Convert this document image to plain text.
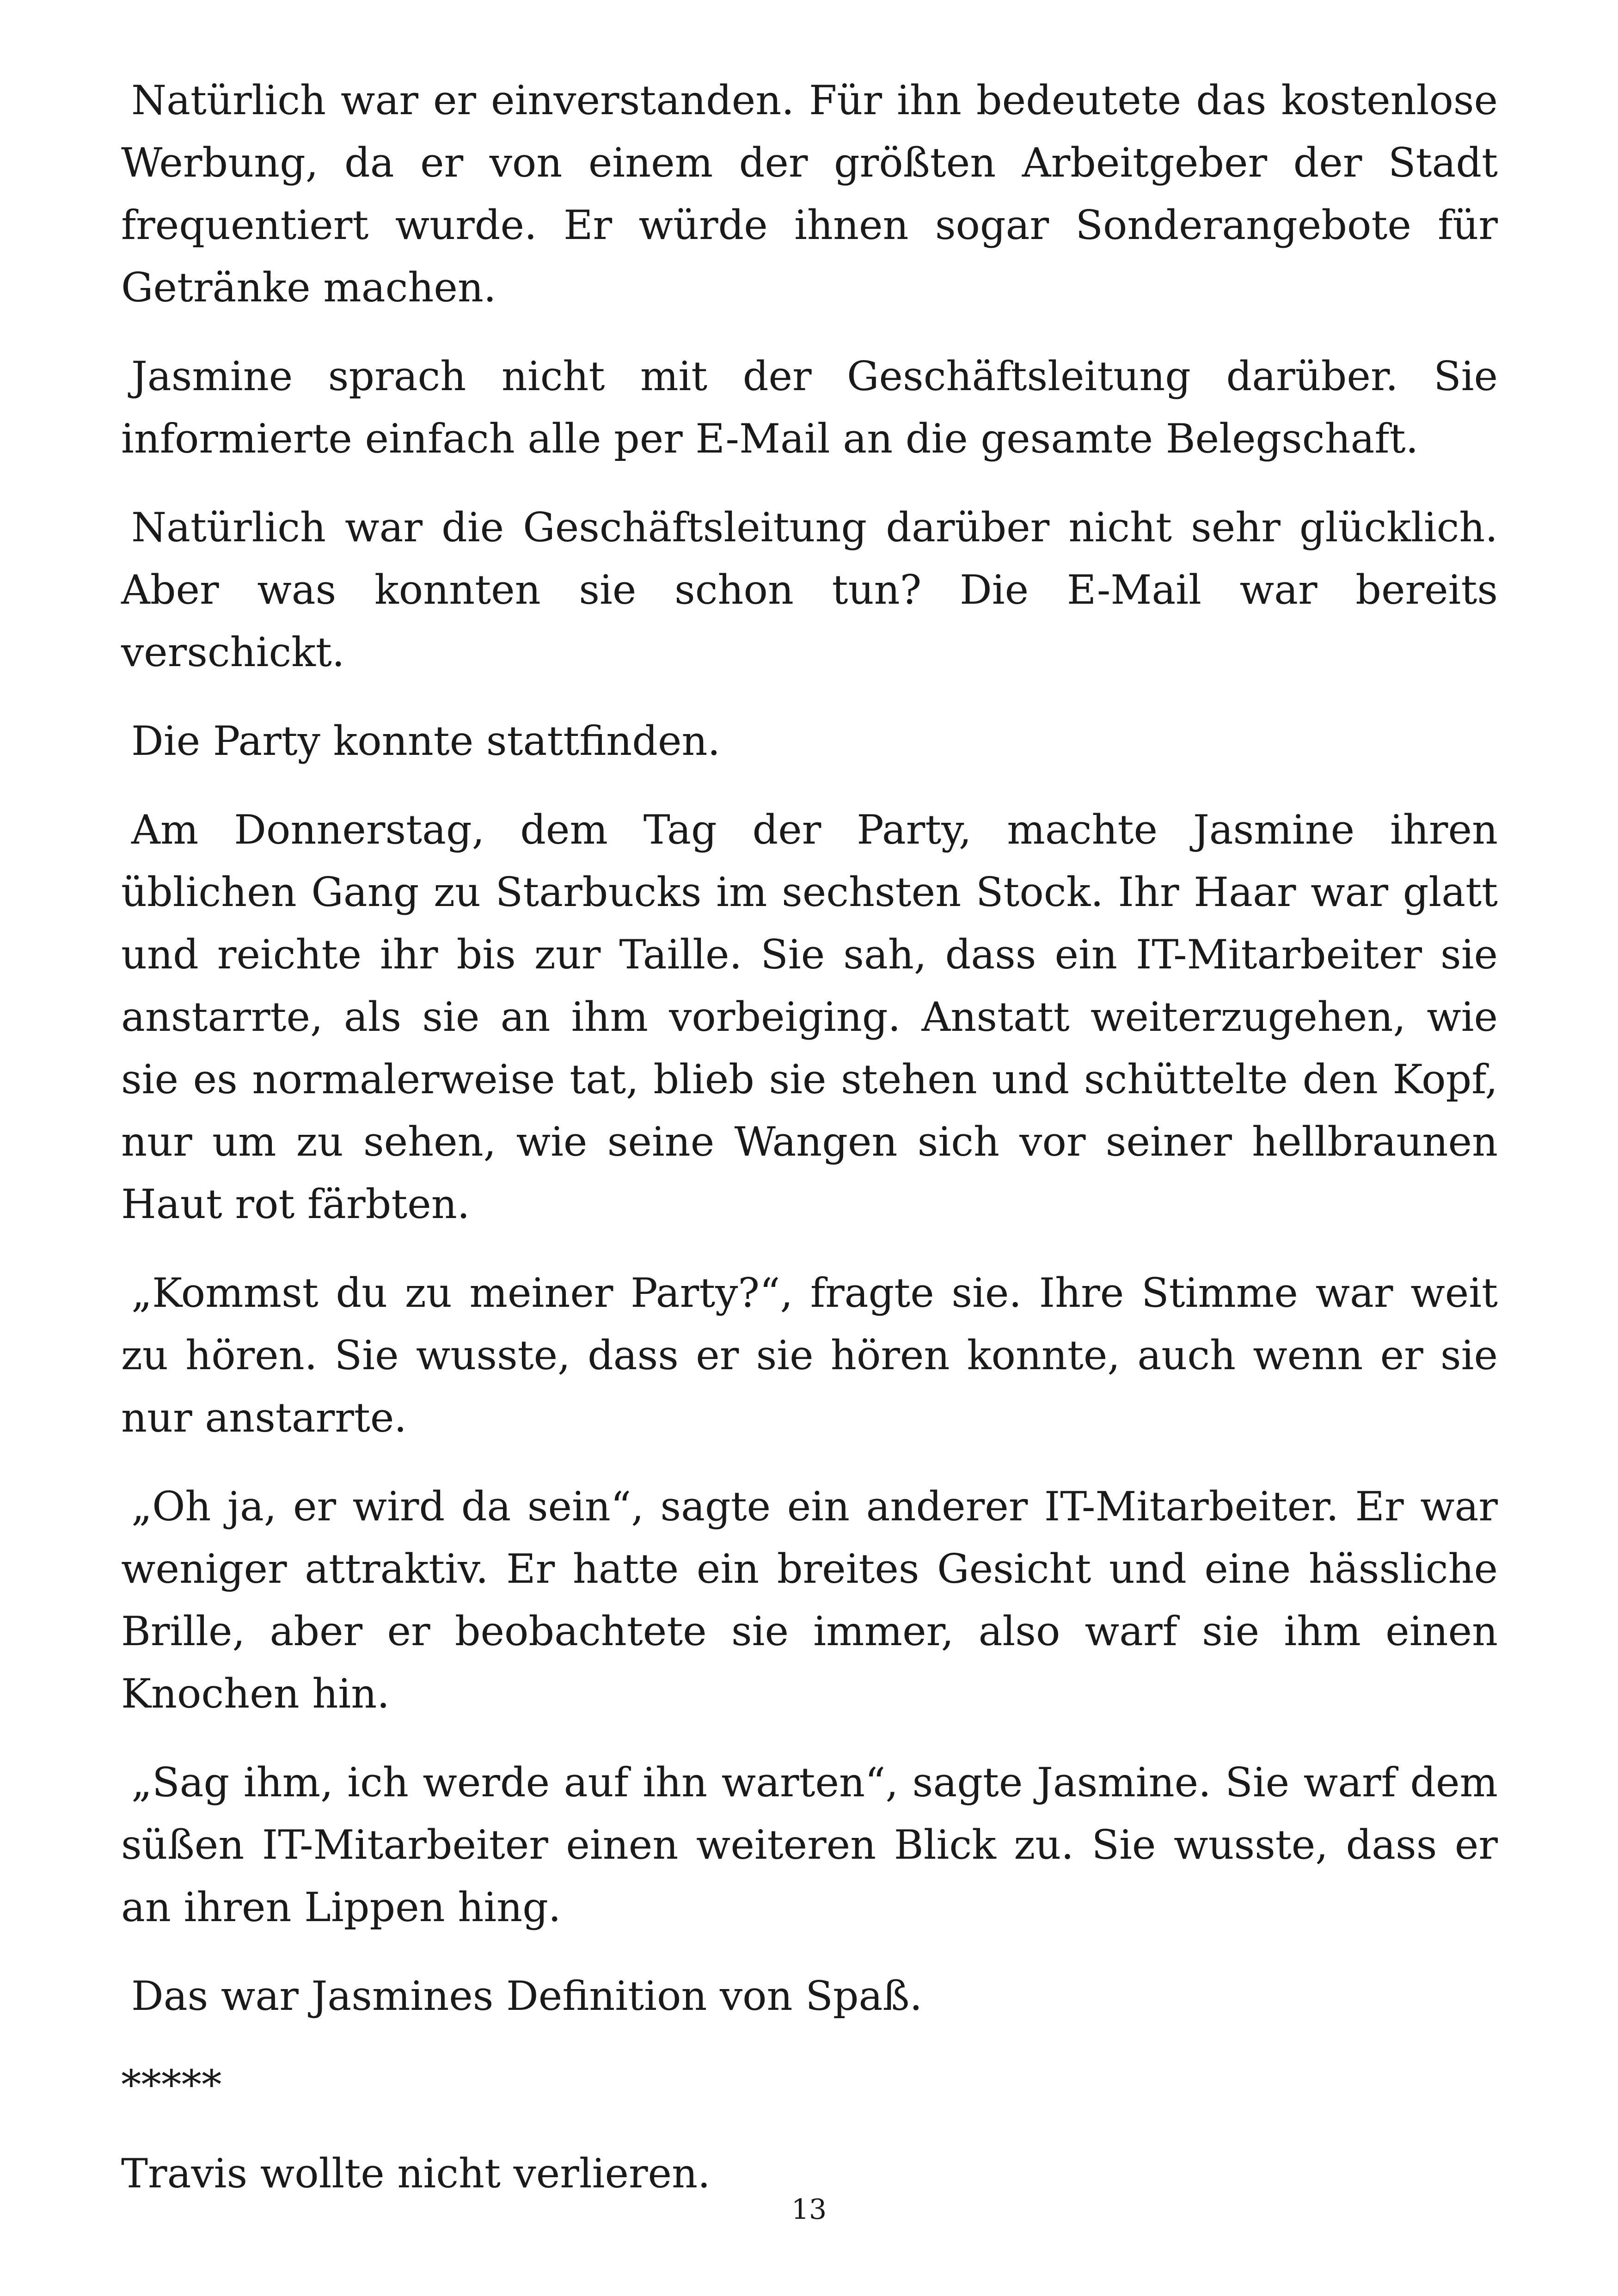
Natürlich war er einverstanden. Für ihn bedeutete das kostenlose Werbung, da er von einem der größten Arbeitgeber der Stadt frequentiert wurde. Er würde ihnen sogar Sonderangebote für Getränke machen.

Jasmine sprach nicht mit der Geschäftsleitung darüber. Sie informierte einfach alle per E-Mail an die gesamte Belegschaft.

Natürlich war die Geschäftsleitung darüber nicht sehr glücklich. Aber was konnten sie schon tun? Die E-Mail war bereits verschickt.

Die Party konnte stattfinden.

Am Donnerstag, dem Tag der Party, machte Jasmine ihren üblichen Gang zu Starbucks im sechsten Stock. Ihr Haar war glatt und reichte ihr bis zur Taille. Sie sah, dass ein IT-Mitarbeiter sie anstarrte, als sie an ihm vorbeiging. Anstatt weiterzugehen, wie sie es normalerweise tat, blieb sie stehen und schüttelte den Kopf, nur um zu sehen, wie seine Wangen sich vor seiner hellbraunen Haut rot färbten.

„Kommst du zu meiner Party?“, fragte sie. Ihre Stimme war weit zu hören. Sie wusste, dass er sie hören konnte, auch wenn er sie nur anstarrte.

„Oh ja, er wird da sein“, sagte ein anderer IT-Mitarbeiter. Er war weniger attraktiv. Er hatte ein breites Gesicht und eine hässliche Brille, aber er beobachtete sie immer, also warf sie ihm einen Knochen hin.

„Sag ihm, ich werde auf ihn warten“, sagte Jasmine. Sie warf dem süßen IT-Mitarbeiter einen weiteren Blick zu. Sie wusste, dass er an ihren Lippen hing.

Das war Jasmines Definition von Spaß.

*****

Travis wollte nicht verlieren.

13
